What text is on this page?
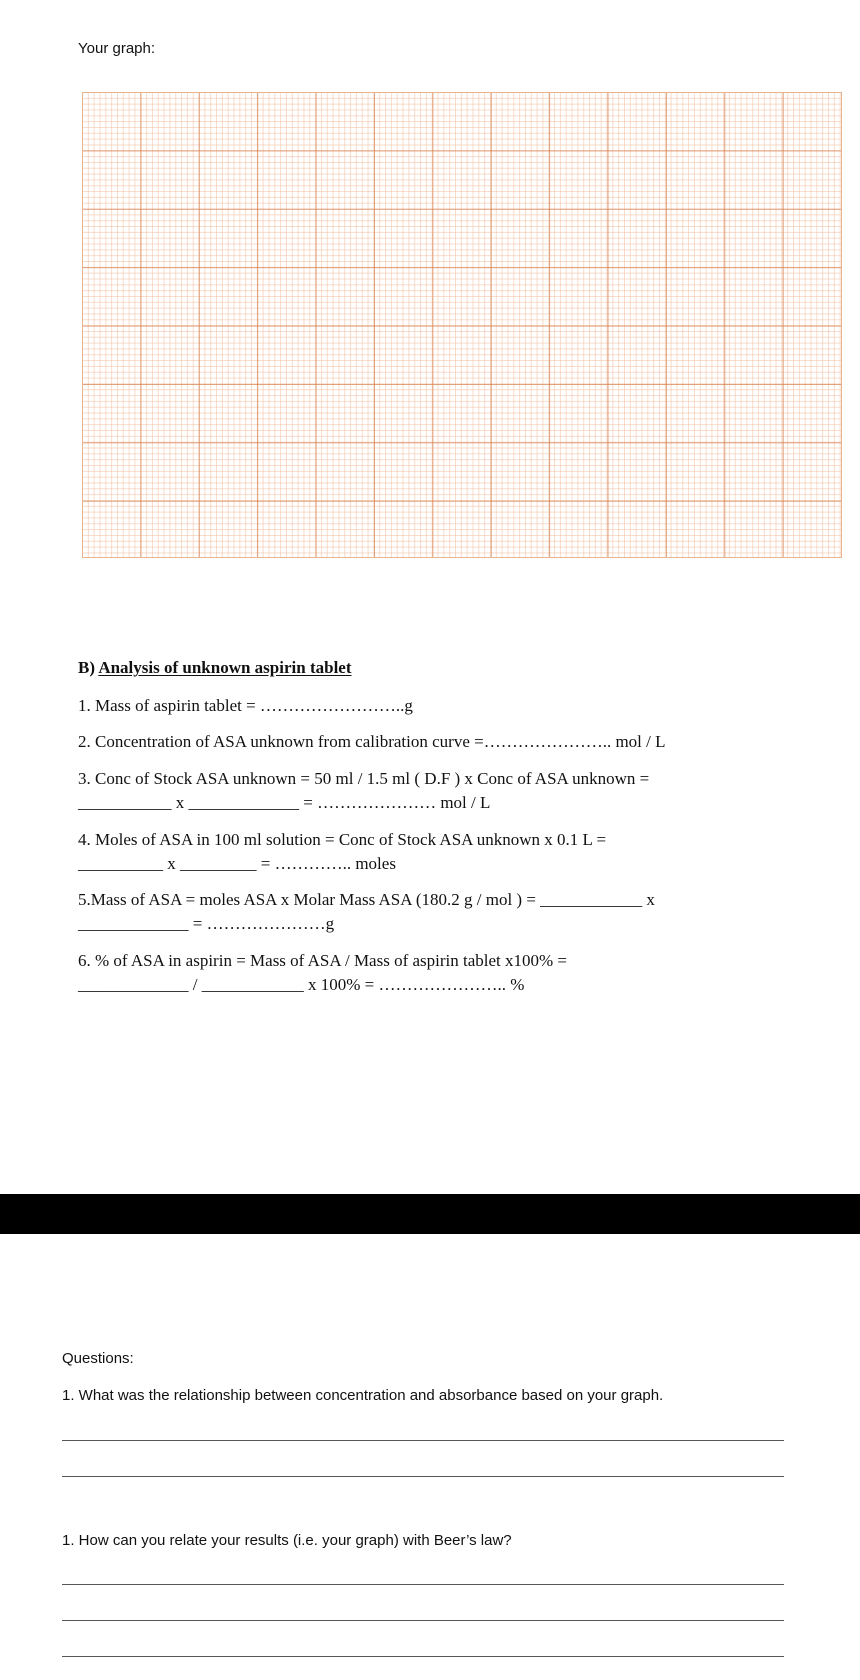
Your graph:
B) Analysis of unknown aspirin tablet
1. Mass of aspirin tablet = ……………………..g
2. Concentration of ASA unknown from calibration curve =………………….. mol / L
3. Conc of Stock ASA unknown = 50 ml / 1.5 ml ( D.F ) x Conc of ASA unknown =
___________ x _____________ = ………………… mol / L
4. Moles of ASA in 100 ml solution = Conc of Stock ASA unknown x 0.1 L =
__________ x _________ = ………….. moles
5.Mass of ASA = moles ASA x Molar Mass ASA (180.2 g / mol ) = ____________ x
_____________ = …………………g
6. % of ASA in aspirin = Mass of ASA / Mass of aspirin tablet x100% =
_____________ / ____________ x 100% = ………………….. %
Questions:
1. What was the relationship between concentration and absorbance based on your graph.
1. How can you relate your results (i.e. your graph) with Beer’s law?
